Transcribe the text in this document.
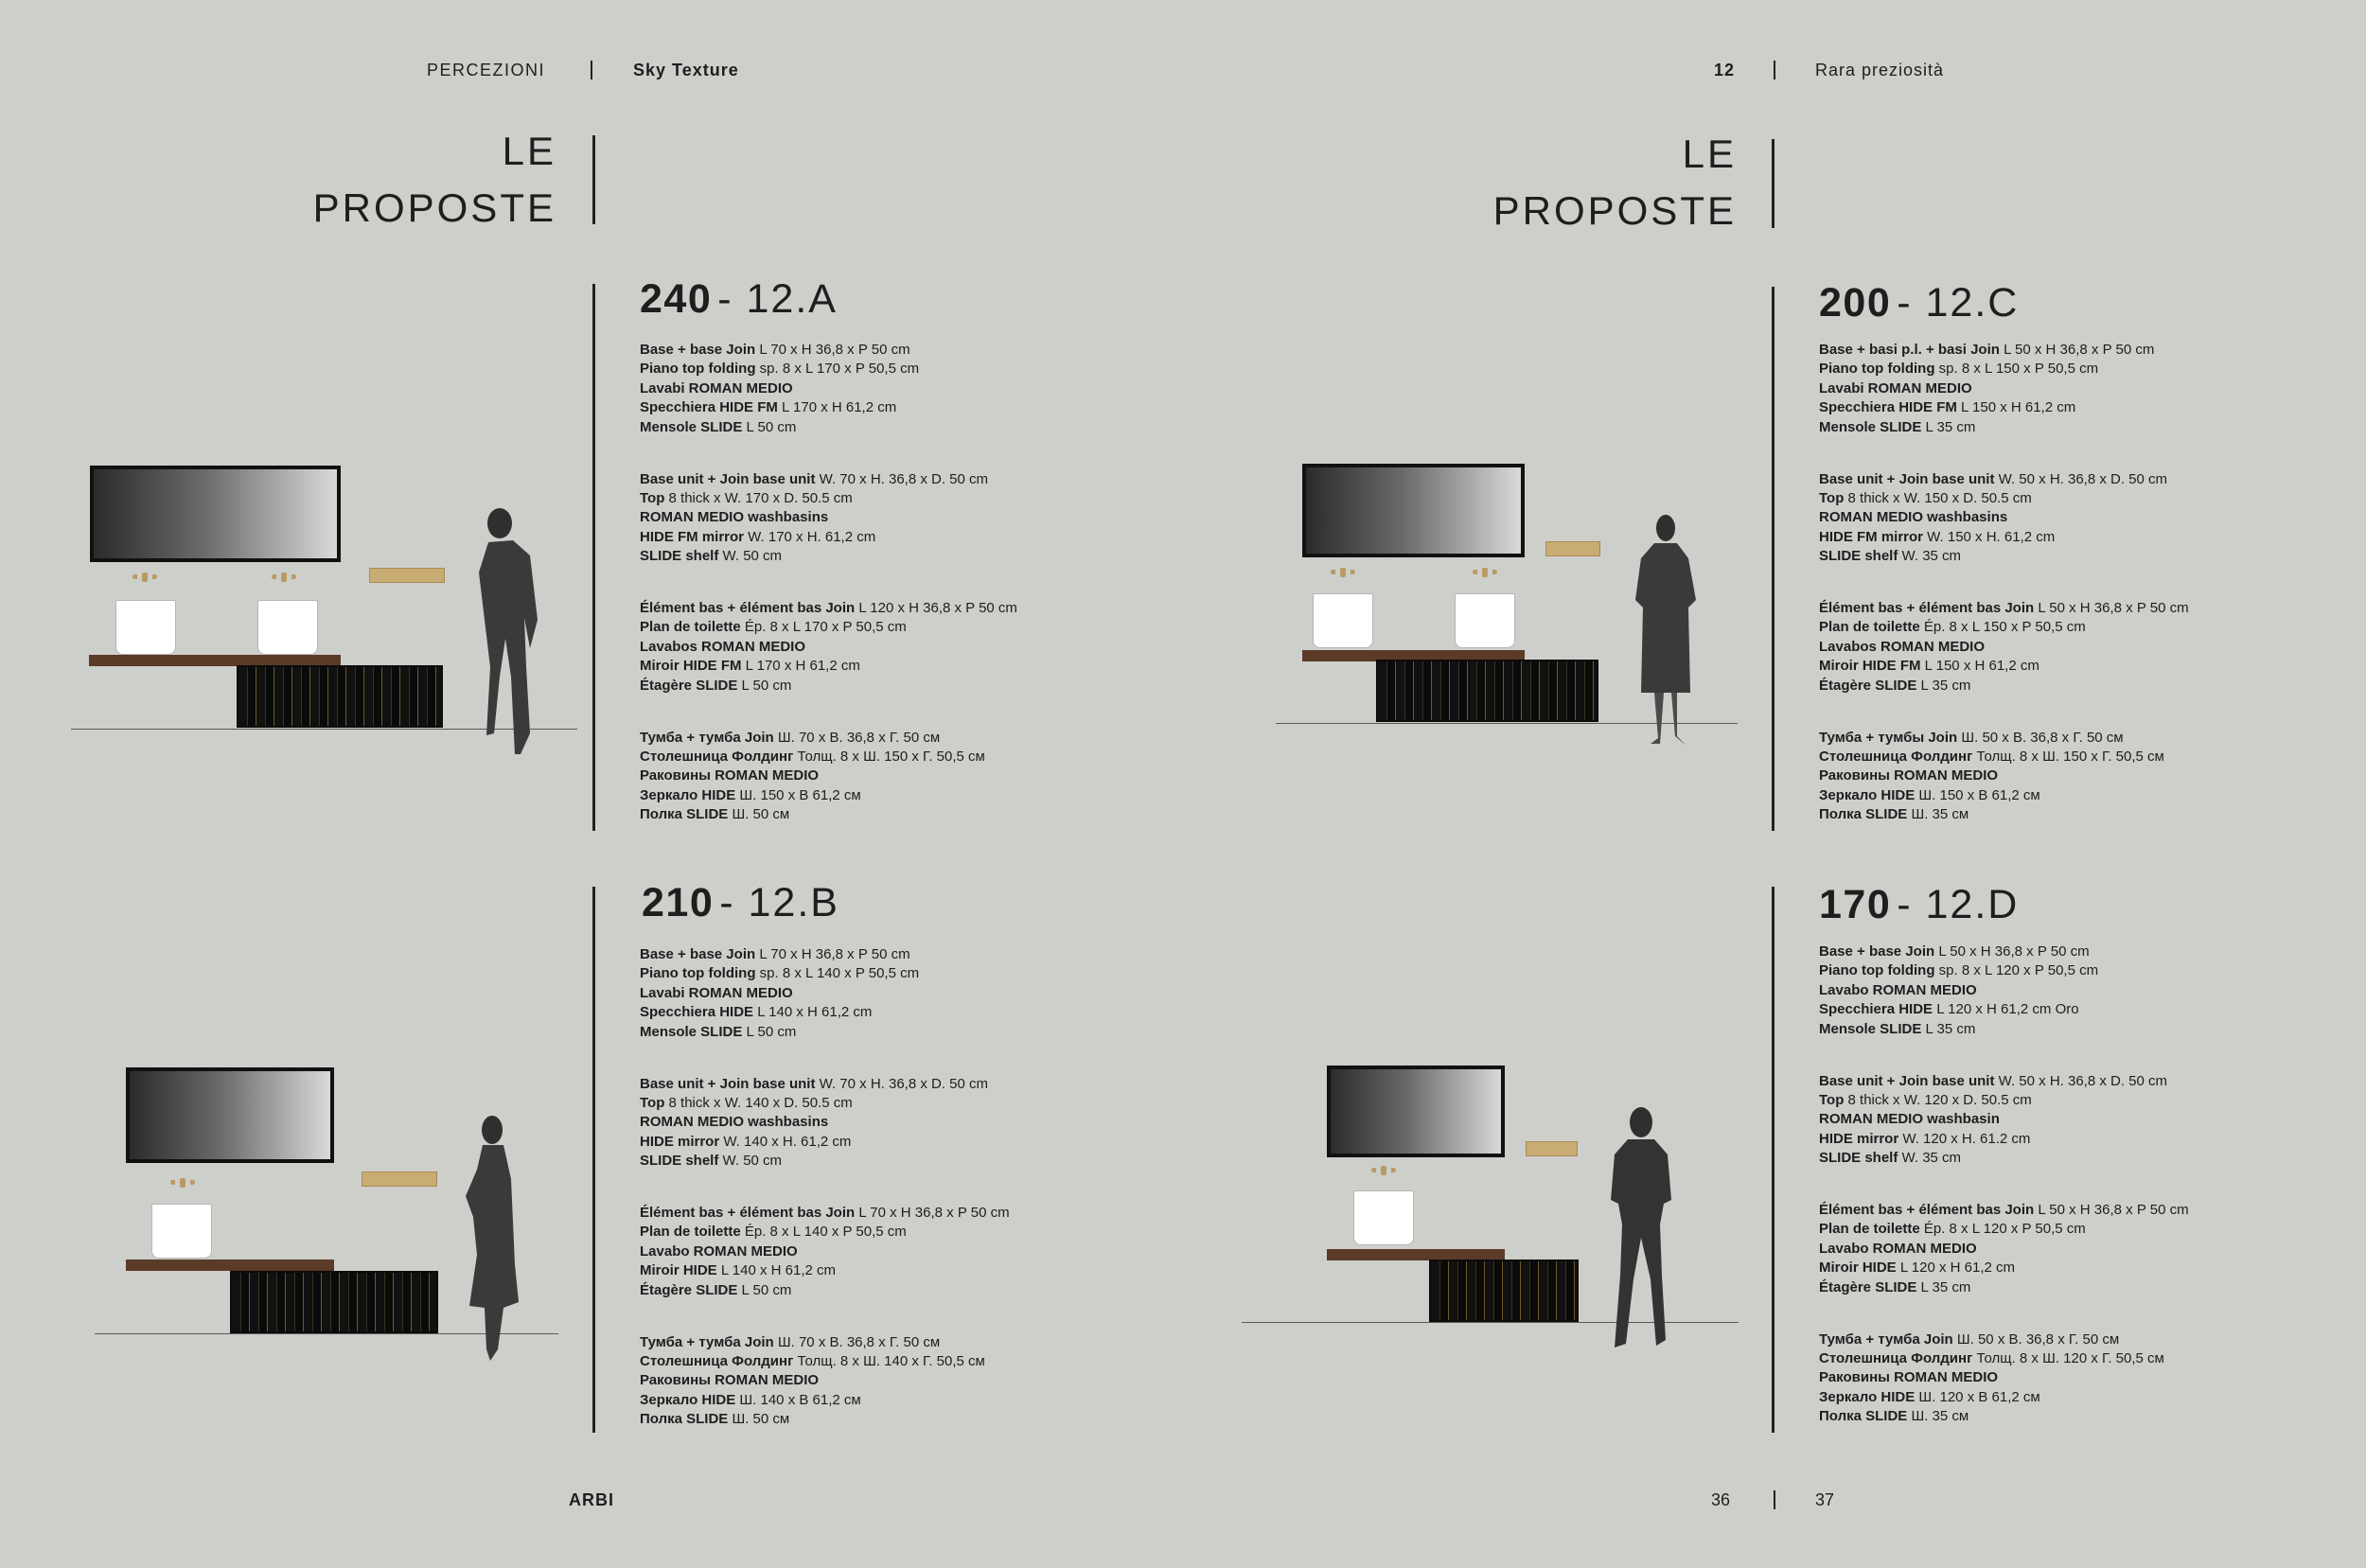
PERCEZIONI	Sky Texture	12	Rara preziosità
LE
PROPOSTE
LE
PROPOSTE
240 - 12.A
Base + base Join L 70 x H 36,8 x P 50 cm
Piano top folding sp. 8 x L 170 x P 50,5 cm
Lavabi ROMAN MEDIO
Specchiera HIDE FM L 170 x H 61,2 cm
Mensole SLIDE L 50 cm
Base unit + Join base unit W. 70 x H. 36,8 x D. 50 cm
Top 8 thick x W. 170 x D. 50.5 cm
ROMAN MEDIO washbasins
HIDE FM mirror W. 170 x H. 61,2 cm
SLIDE shelf W. 50 cm
Élément bas + élément bas Join L 120 x H 36,8 x P 50 cm
Plan de toilette Ép. 8 x L 170 x P 50,5 cm
Lavabos ROMAN MEDIO
Miroir HIDE FM L 170 x H 61,2 cm
Étagère SLIDE L 50 cm
Тумба + тумба Join Ш. 70 x В. 36,8 x Г. 50 см
Столешница Фолдинг Толщ. 8 x Ш. 150 x Г. 50,5 см
Раковины ROMAN MEDIO
Зеркало HIDE Ш. 150 x В 61,2 см
Полка SLIDE Ш. 50 см
210 - 12.B
Base + base Join L 70 x H 36,8 x P 50 cm
Piano top folding sp. 8 x L 140 x P 50,5 cm
Lavabi ROMAN MEDIO
Specchiera HIDE L 140 x H 61,2 cm
Mensole SLIDE L 50 cm
Base unit + Join base unit W. 70 x H. 36,8 x D. 50 cm
Top 8 thick x W. 140 x D. 50.5 cm
ROMAN MEDIO washbasins
HIDE mirror W. 140 x H. 61,2 cm
SLIDE shelf W. 50 cm
Élément bas + élément bas Join L 70 x H 36,8 x P 50 cm
Plan de toilette Ép. 8 x L 140 x P 50,5 cm
Lavabo ROMAN MEDIO
Miroir HIDE L 140 x H 61,2 cm
Étagère SLIDE L 50 cm
Тумба + тумба Join Ш. 70 x В. 36,8 x Г. 50 см
Столешница Фолдинг Толщ. 8 x Ш. 140 x Г. 50,5 см
Раковины ROMAN MEDIO
Зеркало HIDE Ш. 140 x В 61,2 см
Полка SLIDE Ш. 50 см
200 - 12.C
Base + basi p.l. + basi Join L 50 x H 36,8 x P 50 cm
Piano top folding sp. 8 x L 150 x P 50,5 cm
Lavabi ROMAN MEDIO
Specchiera HIDE FM L 150 x H 61,2 cm
Mensole SLIDE L 35 cm
Base unit + Join base unit W. 50 x H. 36,8 x D. 50 cm
Top 8 thick x W. 150 x D. 50.5 cm
ROMAN MEDIO washbasins
HIDE FM mirror W. 150 x H. 61,2 cm
SLIDE shelf W. 35 cm
Élément bas + élément bas Join L 50 x H 36,8 x P 50 cm
Plan de toilette Ép. 8 x L 150 x P 50,5 cm
Lavabos ROMAN MEDIO
Miroir HIDE FM L 150 x H 61,2 cm
Étagère SLIDE L 35 cm
Тумба + тумбы Join Ш. 50 x В. 36,8 x Г. 50 см
Столешница Фолдинг Толщ. 8 x Ш. 150 x Г. 50,5 см
Раковины ROMAN MEDIO
Зеркало HIDE Ш. 150 x В 61,2 см
Полка SLIDE Ш. 35 см
170 - 12.D
Base + base Join L 50 x H 36,8 x P 50 cm
Piano top folding sp. 8 x L 120 x P 50,5 cm
Lavabo ROMAN MEDIO
Specchiera HIDE L 120 x H 61,2 cm Oro
Mensole SLIDE L 35 cm
Base unit + Join base unit W. 50 x H. 36,8 x D. 50 cm
Top 8 thick x W. 120 x D. 50.5 cm
ROMAN MEDIO washbasin
HIDE mirror W. 120 x H. 61.2 cm
SLIDE shelf W. 35 cm
Élément bas + élément bas Join L 50 x H 36,8 x P 50 cm
Plan de toilette Ép. 8 x L 120 x P 50,5 cm
Lavabo ROMAN MEDIO
Miroir HIDE L 120 x H 61,2 cm
Étagère SLIDE L 35 cm
Тумба + тумба Join Ш. 50 x В. 36,8 x Г. 50 см
Столешница Фолдинг Толщ. 8 x Ш. 120 x Г. 50,5 см
Раковины ROMAN MEDIO
Зеркало HIDE Ш. 120 x В 61,2 см
Полка SLIDE Ш. 35 см
ARBI	36	37
